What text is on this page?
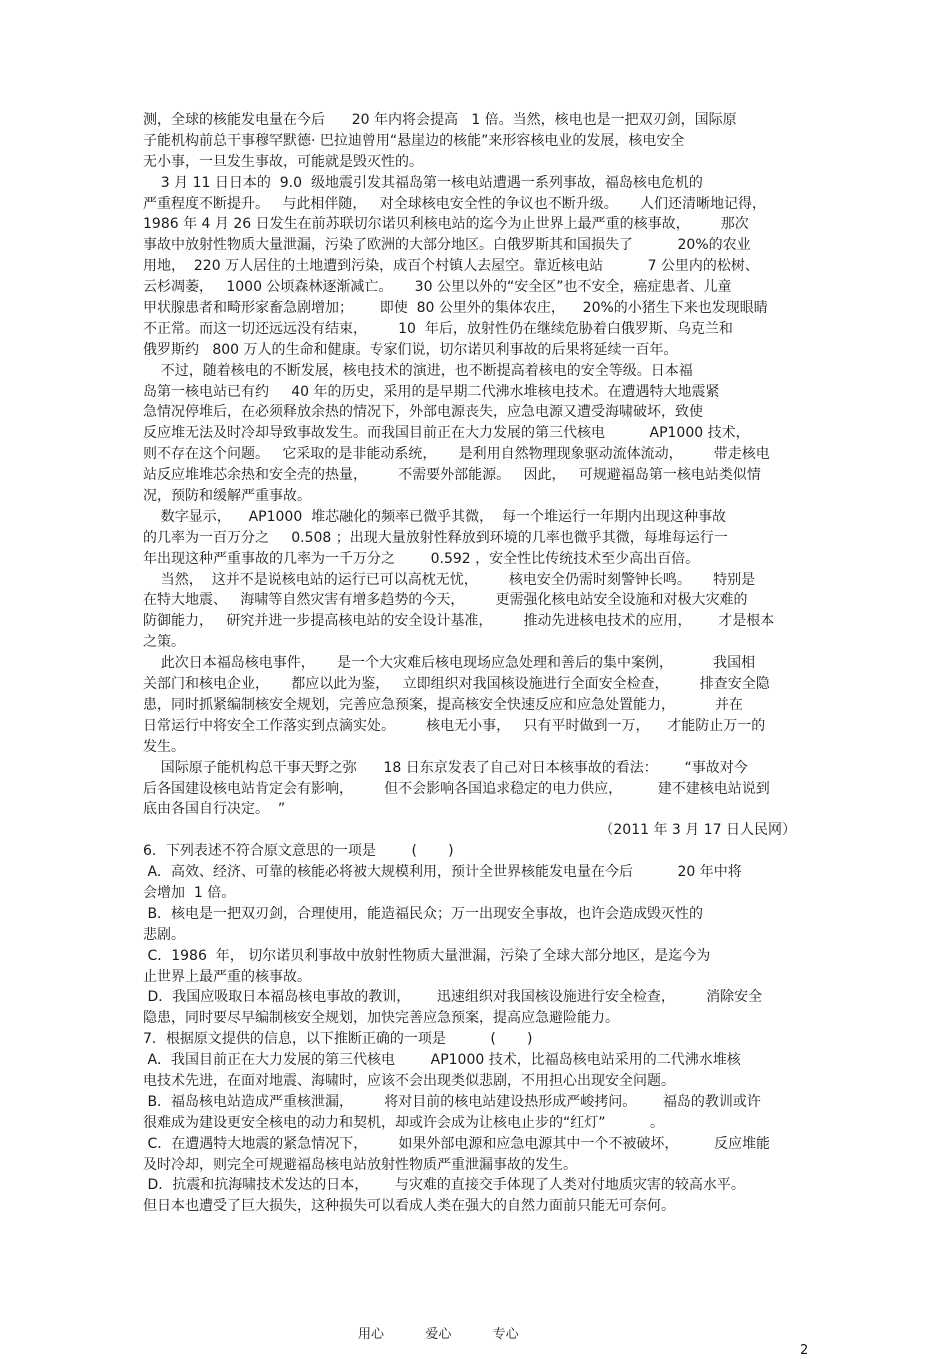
测，全球的核能发电量在今后      20 年内将会提高   1 倍。当然，核电也是一把双刃剑，国际原
子能机构前总干事穆罕默德· 巴拉迪曾用“悬崖边的核能”来形容核电业的发展，核电安全
无小事，一旦发生事故，可能就是毁灭性的。
3 月 11 日日本的  9.0  级地震引发其福岛第一核电站遭遇一系列事故，福岛核电危机的
严重程度不断提升。   与此相伴随，   对全球核电安全性的争议也不断升级。     人们还清晰地记得，
1986 年 4 月 26 日发生在前苏联切尔诺贝利核电站的迄今为止世界上最严重的核事故，       那次
事故中放射性物质大量泄漏，污染了欧洲的大部分地区。白俄罗斯其和国损失了          20%的农业
用地，  220 万人居住的土地遭到污染，成百个村镇人去屋空。靠近核电站          7 公里内的松树、
云杉凋萎，   1000 公顷森林逐渐减亡。     30 公里以外的“安全区”也不安全，癌症患者、儿童
甲状腺患者和畸形家畜急剧增加；      即使  80 公里外的集体农庄，    20%的小猪生下来也发现眼睛
不正常。而这一切还远远没有结束，       10  年后，放射性仍在继续危胁着白俄罗斯、乌克兰和
俄罗斯约   800 万人的生命和健康。专家们说，切尔诺贝利事故的后果将延续一百年。
不过，随着核电的不断发展，核电技术的演进，也不断提高着核电的安全等级。日本福
岛第一核电站已有约     40 年的历史，采用的是早期二代沸水堆核电技术。在遭遇特大地震紧
急情况停堆后，在必须释放余热的情况下，外部电源丧失，应急电源又遭受海啸破坏，致使
反应堆无法及时冷却导致事故发生。而我国目前正在大力发展的第三代核电          AP1000 技术，
则不存在这个问题。   它采取的是非能动系统，     是利用自然物理现象驱动流体流动，       带走核电
站反应堆堆芯余热和安全壳的热量，       不需要外部能源。   因此，   可规避福岛第一核电站类似情
况，预防和缓解严重事故。
数字显示，    AP1000  堆芯融化的频率已微乎其微，  每一个堆运行一年期内出现这种事故
的几率为一百万分之     0.508 ；出现大量放射性释放到环境的几率也微乎其微，每堆每运行一
年出现这种严重事故的几率为一千万分之        0.592 ，安全性比传统技术至少高出百倍。
当然，  这并不是说核电站的运行已可以高枕无忧，       核电安全仍需时刻警钟长鸣。     特别是
在特大地震、   海啸等自然灾害有增多趋势的今天，       更需强化核电站安全设施和对极大灾难的
防御能力，   研究并进一步提高核电站的安全设计基准，       推动先进核电技术的应用，      才是根本
之策。
此次日本福岛核电事件，     是一个大灾难后核电现场应急处理和善后的集中案例，         我国相
关部门和核电企业，     都应以此为鉴，   立即组织对我国核设施进行全面安全检查，       排查安全隐
患，同时抓紧编制核安全规划，完善应急预案，提高核安全快速反应和应急处置能力，         并在
日常运行中将安全工作落实到点滴实处。       核电无小事，   只有平时做到一万，    才能防止万一的
发生。
国际原子能机构总干事天野之弥      18 日东京发表了自己对日本核事故的看法：      “事故对今
后各国建设核电站肯定会有影响，       但不会影响各国追求稳定的电力供应，        建不建核电站说到
底由各国自行决定。  ”
（2011 年 3 月 17 日人民网）
6．下列表述不符合原文意思的一项是        (       )
A．高效、经济、可靠的核能必将被大规模利用，预计全世界核能发电量在今后          20 年中将
会增加  1 倍。
B．核电是一把双刃剑，合理使用，能造福民众；万一出现安全事故，也许会造成毁灭性的
悲剧。
C．1986  年， 切尔诺贝利事故中放射性物质大量泄漏，污染了全球大部分地区，是迄今为
止世界上最严重的核事故。
D．我国应吸取日本福岛核电事故的教训，      迅速组织对我国核设施进行安全检查，       消除安全
隐患，同时要尽早编制核安全规划，加快完善应急预案，提高应急避险能力。
7．根据原文提供的信息，以下推断正确的一项是          (       )
A．我国目前正在大力发展的第三代核电        AP1000 技术，比福岛核电站采用的二代沸水堆核
电技术先进，在面对地震、海啸时，应该不会出现类似悲剧，不用担心出现安全问题。
B．福岛核电站造成严重核泄漏，       将对目前的核电站建设热形成严峻拷问。      福岛的教训或许
很难成为建设更安全核电的动力和契机，却或许会成为让核电止步的“红灯”          。
C．在遭遇特大地震的紧急情况下，       如果外部电源和应急电源其中一个不被破坏，        反应堆能
及时冷却，则完全可规避福岛核电站放射性物质严重泄漏事故的发生。
D．抗震和抗海啸技术发达的日本，      与灾难的直接交手体现了人类对付地质灾害的较高水平。
但日本也遭受了巨大损失，这种损失可以看成人类在强大的自然力面前只能无可奈何。

用心          爱心          专心

2
